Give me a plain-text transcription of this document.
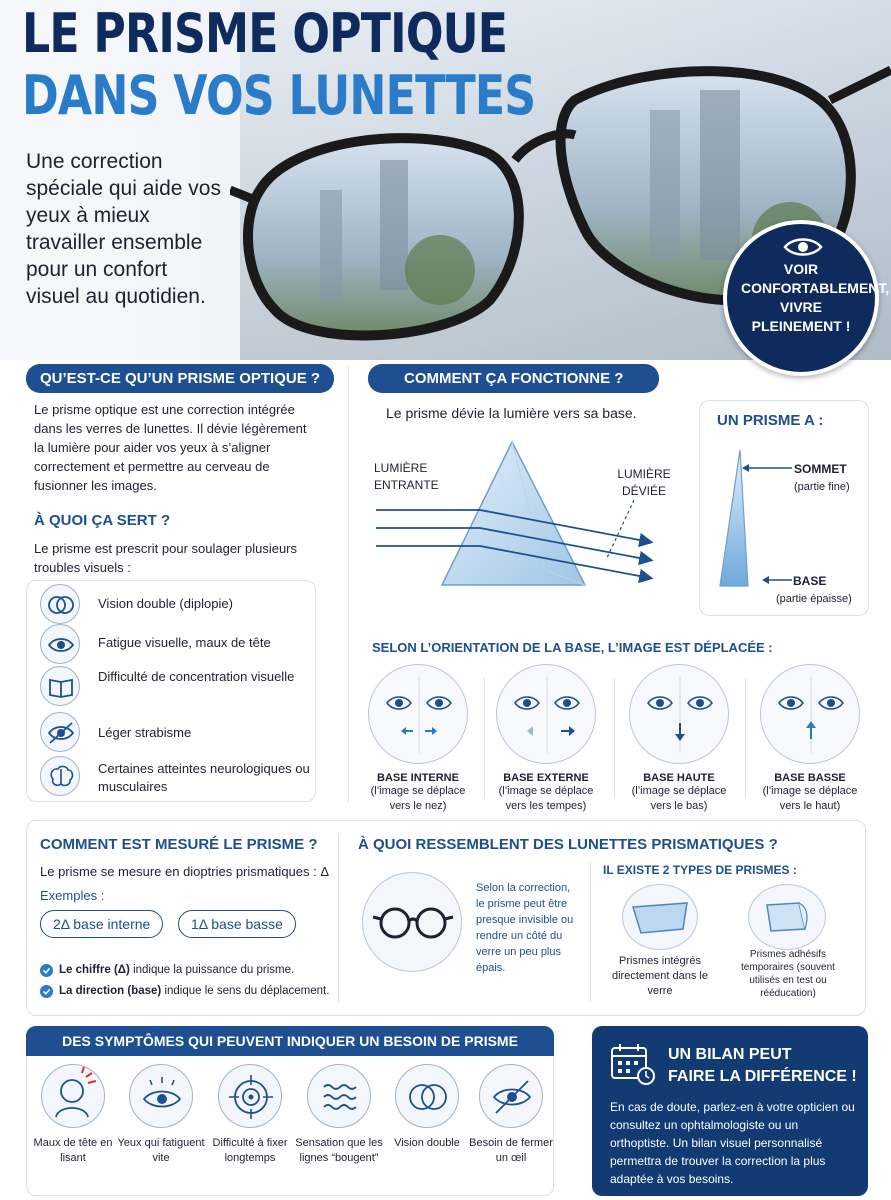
LE PRISME OPTIQUE
DANS VOS LUNETTES
Une correction spéciale qui aide vos yeux à mieux travailler ensemble pour un confort visuel au quotidien.
VOIR CONFORTABLEMENT, VIVRE PLEINEMENT !
QU’EST-CE QU’UN PRISME OPTIQUE ?
Le prisme optique est une correction intégrée dans les verres de lunettes. Il dévie légèrement la lumière pour aider vos yeux à s’aligner correctement et permettre au cerveau de fusionner les images.
À QUOI ÇA SERT ?
Le prisme est prescrit pour soulager plusieurs troubles visuels :
Vision double (diplopie)
Fatigue visuelle, maux de tête
Difficulté de concentration visuelle
Léger strabisme
Certaines atteintes neurologiques ou musculaires
COMMENT ÇA FONCTIONNE ?
Le prisme dévie la lumière vers sa base.
LUMIÈRE ENTRANTE
LUMIÈRE DÉVIÉE
UN PRISME A :
SOMMET
(partie fine)
BASE
(partie épaisse)
SELON L’ORIENTATION DE LA BASE, L’IMAGE EST DÉPLACÉE :
BASE INTERNE
(l’image se déplace vers le nez)
BASE EXTERNE
(l’image se déplace vers les tempes)
BASE HAUTE
(l’image se déplace vers le bas)
BASE BASSE
(l’image se déplace vers le haut)
COMMENT EST MESURÉ LE PRISME ?
Le prisme se mesure en dioptries prismatiques : Δ
Exemples :
2Δ base interne	1Δ base basse
Le chiffre (Δ) indique la puissance du prisme.
La direction (base) indique le sens du déplacement.
À QUOI RESSEMBLENT DES LUNETTES PRISMATIQUES ?
Selon la correction, le prisme peut être presque invisible ou rendre un côté du verre un peu plus épais.
IL EXISTE 2 TYPES DE PRISMES :
Prismes intégrés directement dans le verre
Prismes adhésifs temporaires (souvent utilisés en test ou rééducation)
DES SYMPTÔMES QUI PEUVENT INDIQUER UN BESOIN DE PRISME
Maux de tête en lisant
Yeux qui fatiguent vite
Difficulté à fixer longtemps
Sensation que les lignes “bougent”
Vision double Besoin de fermer un œil
UN BILAN PEUT
FAIRE LA DIFFÉRENCE !
En cas de doute, parlez-en à votre opticien ou consultez un ophtalmologiste ou un orthoptiste. Un bilan visuel personnalisé permettra de trouver la correction la plus adaptée à vos besoins.
